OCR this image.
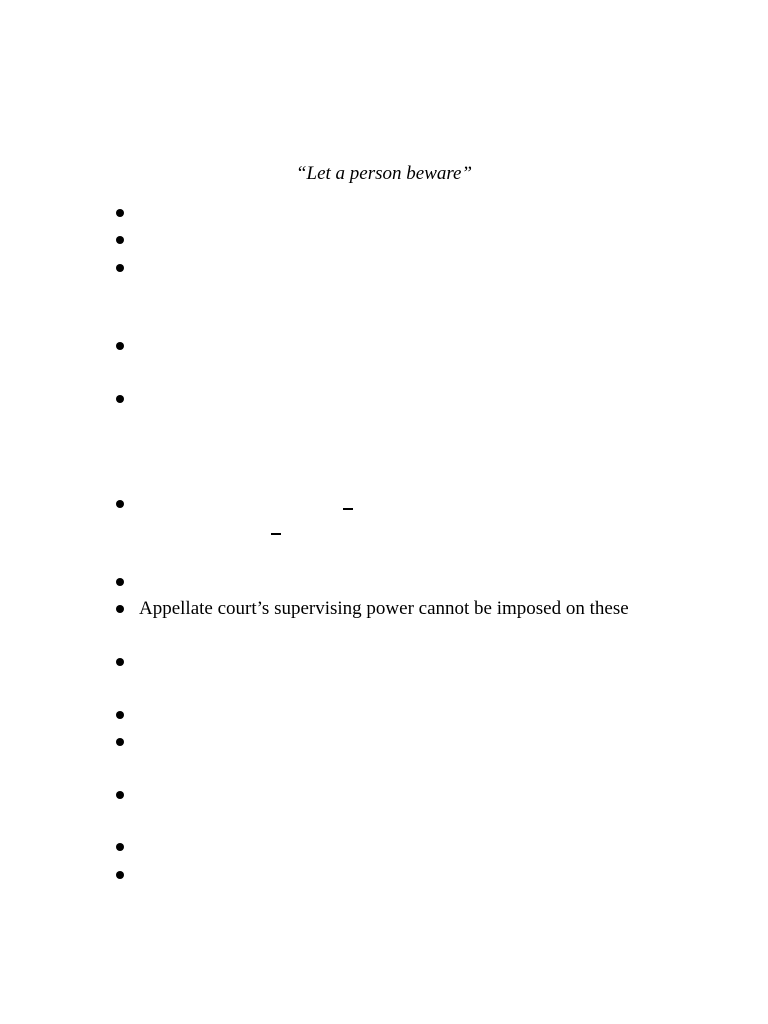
“Let a person beware”
Appellate court’s supervising power cannot be imposed on these
